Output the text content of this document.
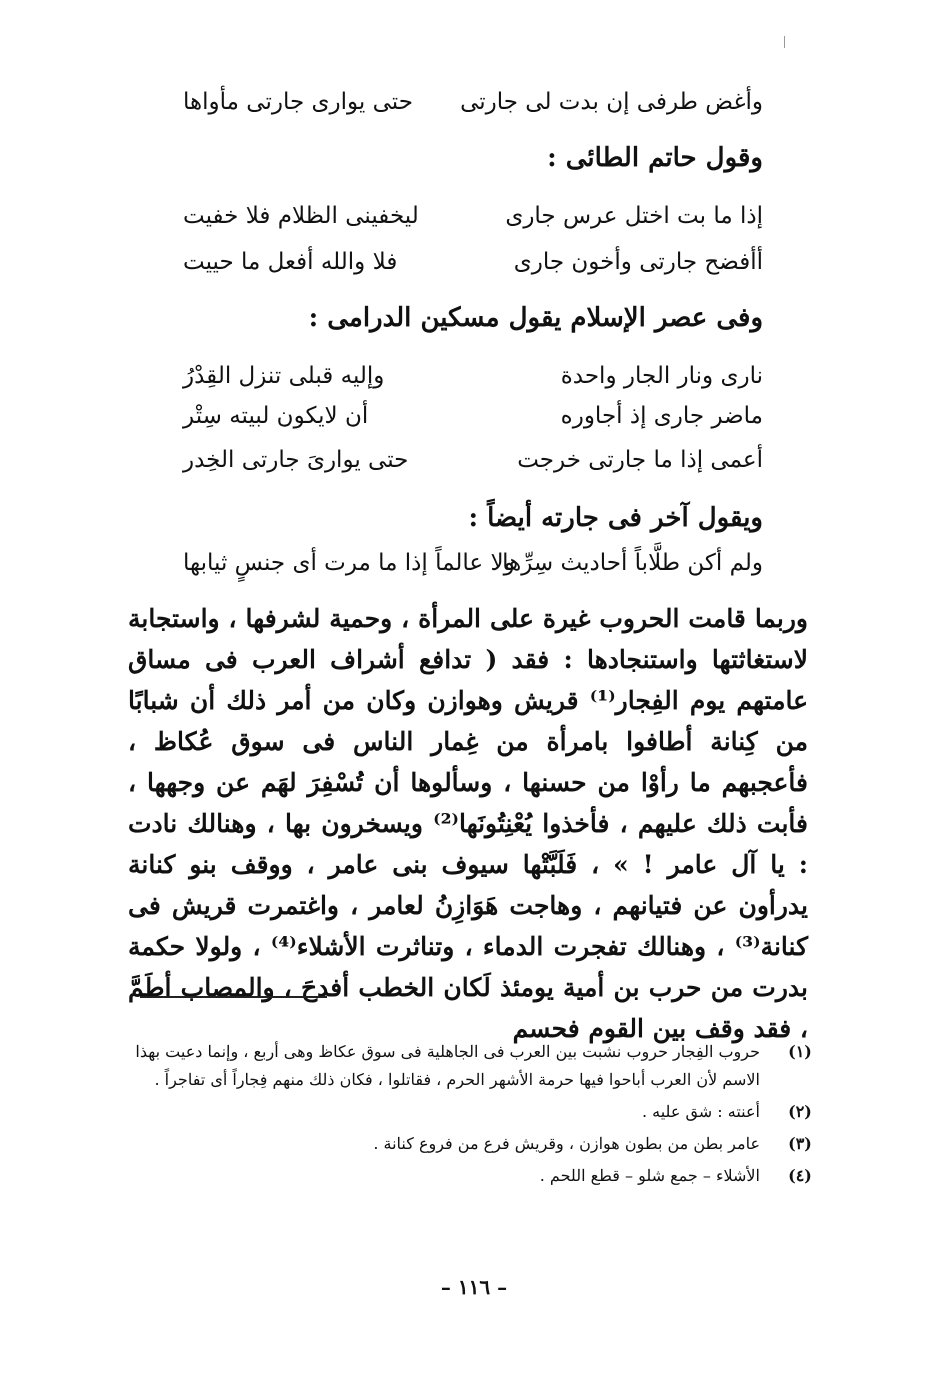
وأغض طرفى إن بدت لى جارتى
حتى يوارى جارتى مأواها
وقول حاتم الطائى :
إذا ما بت اختل عرس جارى
ليخفينى الظلام فلا خفيت
أأفضح جارتى وأخون جارى
فلا والله أفعل ما حييت
وفى عصر الإسلام يقول مسكين الدرامى :
نارى ونار الجار واحدة
وإليه قبلى تنزل القِدْرُ
ماضر جارى إذ أجاوره
أن لايكون لبيته سِتْر
أعمى إذا ما جارتى خرجت
حتى يوارىَ جارتى الخِدر
ويقول آخر فى جارته أيضاً :
ولم أكن طلَّاباً أحاديث سِرِّها
ولا عالماً إذا ما مرت أى جنسٍ ثيابها

وربما قامت الحروب غيرة على المرأة ، وحمية لشرفها ، واستجابة لاستغاثتها واستنجادها : فقد ( تدافع أشراف العرب فى مساق عامتهم يوم الفِجار⁽¹⁾ قريش وهوازن وكان من أمر ذلك أن شبابًا من كِنانة أطافوا بامرأة من غِمار الناس فى سوق عُكاظ ، فأعجبهم ما رأوْا من حسنها ، وسألوها أن تُسْفِرَ لهَم عن وجهها ، فأبت ذلك عليهم ، فأخذوا يُعْنِتُونَها⁽²⁾ ويسخرون بها ، وهنالك نادت : يا آل عامر ! » ، فَلَبَّتْها سيوف بنى عامر ، ووقف بنو كنانة يدرأون عن فتيانهم ، وهاجت هَوَازِنُ لعامر ، واغتمرت قريش فى كنانة⁽³⁾ ، وهنالك تفجرت الدماء ، وتناثرت الأشلاء⁽⁴⁾ ، ولولا حكمة بدرت من حرب بن أمية يومئذ لَكان الخطب أفدحَ ، والمصاب أطَمَّ ، فقد وقف بين القوم فحسم

(١)
حروب الفِجار حروب نشبت بين العرب فى الجاهلية فى سوق عكاظ وهى أربع ، وإنما دعيت بهذا الاسم لأن العرب أباحوا فيها حرمة الأشهر الحرم ، فقاتلوا ، فكان ذلك منهم فِجاراً أى تفاجراً .
(٢)
أعنته : شق عليه .
(٣)
عامر بطن من بطون هوازن ، وقريش فرع من فروع كنانة .
(٤)
الأشلاء – جمع شلو – قطع اللحم .
– ١١٦ –
